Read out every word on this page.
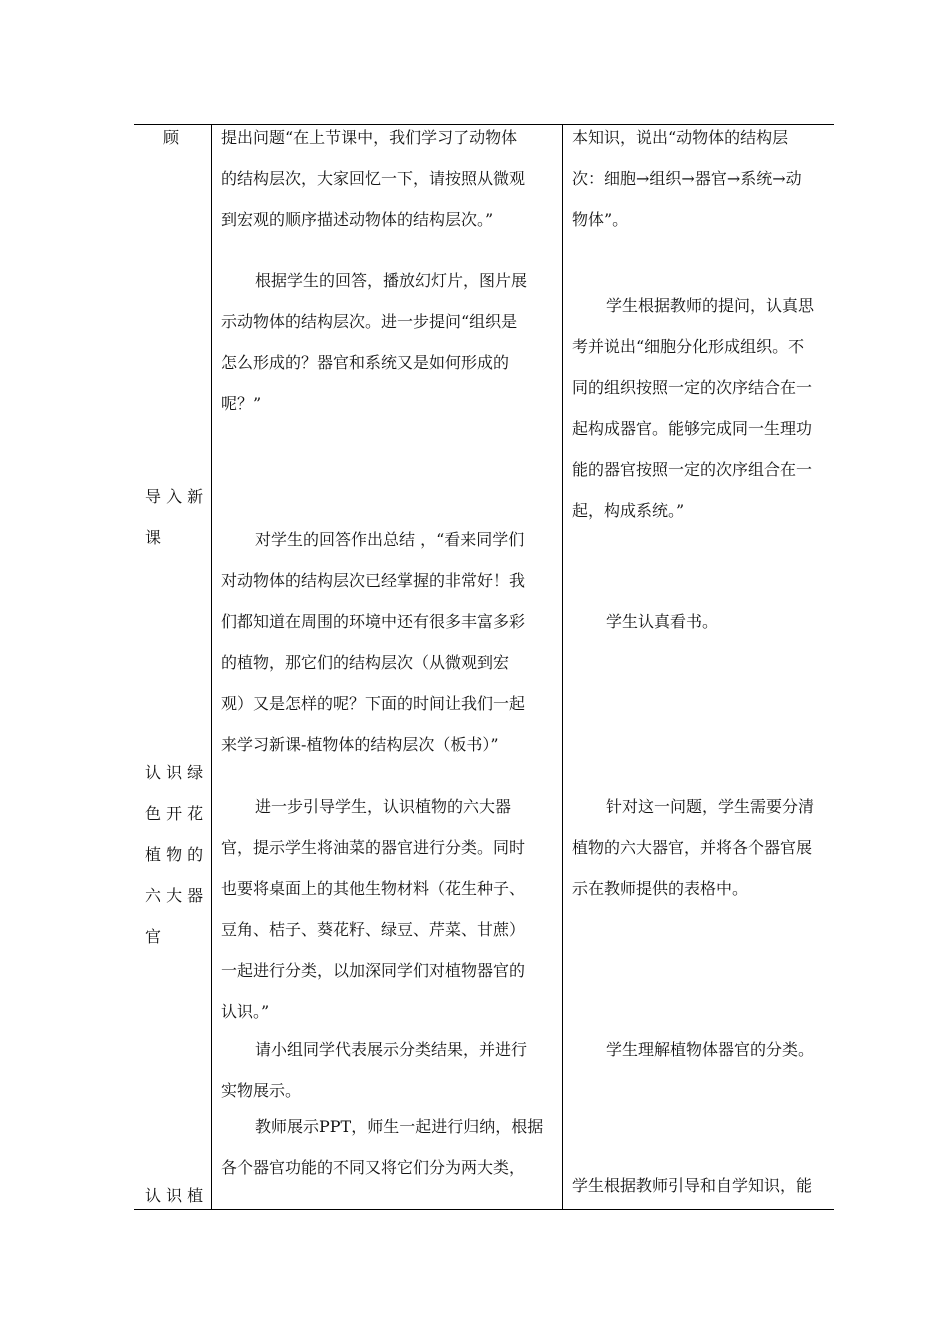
顾

导 入 新

课

认 识 绿

色 开 花

植 物 的

六 大 器

官

认 识 植

提出问题“在上节课中，我们学习了动物体

的结构层次，大家回忆一下，请按照从微观

到宏观的顺序描述动物体的结构层次。”

根据学生的回答，播放幻灯片，图片展

示动物体的结构层次。进一步提问“组织是

怎么形成的？器官和系统又是如何形成的

呢？”

对学生的回答作出总结 ，“看来同学们

对动物体的结构层次已经掌握的非常好！我

们都知道在周围的环境中还有很多丰富多彩

的植物，那它们的结构层次（从微观到宏

观）又是怎样的呢？下面的时间让我们一起

来学习新课-植物体的结构层次（板书）”

进一步引导学生，认识植物的六大器

官，提示学生将油菜的器官进行分类。同时

也要将桌面上的其他生物材料（花生种子、

豆角、桔子、葵花籽、绿豆、芹菜、甘蔗）

一起进行分类，以加深同学们对植物器官的

认识。”

请小组同学代表展示分类结果，并进行

实物展示。

教师展示PPT，师生一起进行归纳，根据

各个器官功能的不同又将它们分为两大类，

本知识，说出“动物体的结构层

次：细胞→组织→器官→系统→动

物体”。

学生根据教师的提问，认真思

考并说出“细胞分化形成组织。不

同的组织按照一定的次序结合在一

起构成器官。能够完成同一生理功

能的器官按照一定的次序组合在一

起，构成系统。”

学生认真看书。

针对这一问题，学生需要分清

植物的六大器官，并将各个器官展

示在教师提供的表格中。

学生理解植物体器官的分类。

学生根据教师引导和自学知识，能
